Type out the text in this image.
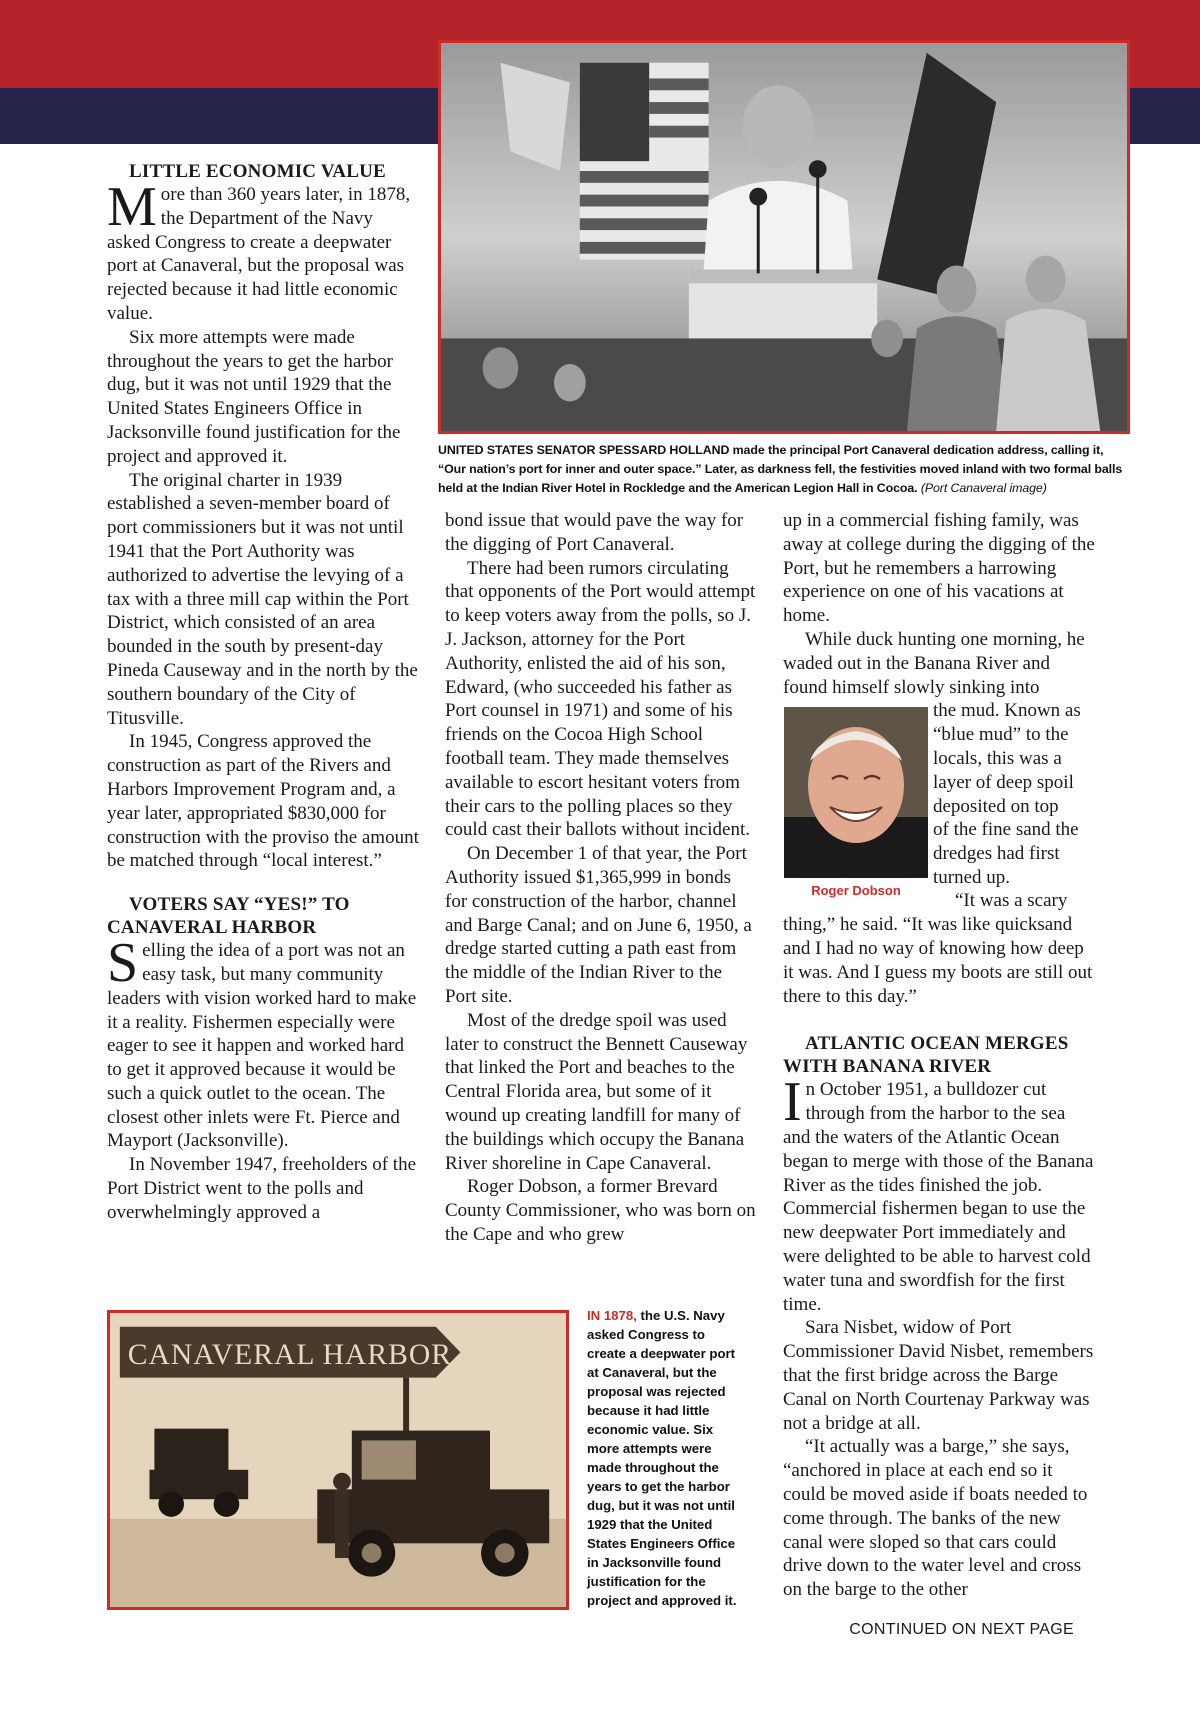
UNITED STATES SENATOR SPESSARD HOLLAND made the principal Port Canaveral dedication address, calling it, “Our nation’s port for inner and outer space.” Later, as darkness fell, the festivities moved inland with two formal balls held at the Indian River Hotel in Rockledge and the American Legion Hall in Cocoa. (Port Canaveral image)

LITTLE ECONOMIC VALUE

More than 360 years later, in 1878, the Department of the Navy asked Congress to create a deepwater port at Canaveral, but the proposal was rejected because it had little economic value.

Six more attempts were made throughout the years to get the harbor dug, but it was not until 1929 that the United States Engineers Office in Jacksonville found justification for the project and approved it.

The original charter in 1939 established a seven-member board of port commissioners but it was not until 1941 that the Port Authority was authorized to advertise the levying of a tax with a three mill cap within the Port District, which consisted of an area bounded in the south by present-day Pineda Causeway and in the north by the southern boundary of the City of Titusville.

In 1945, Congress approved the construction as part of the Rivers and Harbors Improvement Program and, a year later, appropriated $830,000 for construction with the proviso the amount be matched through “local interest.”

VOTERS SAY “YES!” TO
CANAVERAL HARBOR

Selling the idea of a port was not an easy task, but many community leaders with vision worked hard to make it a reality. Fishermen especially were eager to see it happen and worked hard to get it approved because it would be such a quick outlet to the ocean. The closest other inlets were Ft. Pierce and Mayport (Jacksonville).

In November 1947, freeholders of the Port District went to the polls and overwhelmingly approved a

bond issue that would pave the way for the digging of Port Canaveral.

There had been rumors circulating that opponents of the Port would attempt to keep voters away from the polls, so J. J. Jackson, attorney for the Port Authority, enlisted the aid of his son, Edward, (who succeeded his father as Port counsel in 1971) and some of his friends on the Cocoa High School football team. They made themselves available to escort hesitant voters from their cars to the polling places so they could cast their ballots without incident.

On December 1 of that year, the Port Authority issued $1,365,999 in bonds for construction of the harbor, channel and Barge Canal; and on June 6, 1950, a dredge started cutting a path east from the middle of the Indian River to the Port site.

Most of the dredge spoil was used later to construct the Bennett Causeway that linked the Port and beaches to the Central Florida area, but some of it wound up creating landfill for many of the buildings which occupy the Banana River shoreline in Cape Canaveral.

Roger Dobson, a former Brevard County Commissioner, who was born on the Cape and who grew

up in a commercial fishing family, was away at college during the digging of the Port, but he remembers a harrowing experience on one of his vacations at home.

While duck hunting one morning, he waded out in the Banana River and found himself slowly sinking into

the mud. Known as
“blue mud” to the
locals, this was a
layer of deep spoil
deposited on top
of the fine sand the
dredges had first
turned up.
“It was a scary

thing,” he said. “It was like quicksand and I had no way of knowing how deep it was. And I guess my boots are still out there to this day.”

ATLANTIC OCEAN MERGES
WITH BANANA RIVER

In October 1951, a bulldozer cut through from the harbor to the sea and the waters of the Atlantic Ocean began to merge with those of the Banana River as the tides finished the job. Commercial fishermen began to use the new deepwater Port immediately and were delighted to be able to harvest cold water tuna and swordfish for the first time.

Sara Nisbet, widow of Port Commissioner David Nisbet, remembers that the first bridge across the Barge Canal on North Courtenay Parkway was not a bridge at all.

“It actually was a barge,” she says, “anchored in place at each end so it could be moved aside if boats needed to come through. The banks of the new canal were sloped so that cars could drive down to the water level and cross on the barge to the other

Roger Dobson
CANAVERAL HARBOR
IN 1878, the U.S. Navy asked Congress to create a deepwater port at Canaveral, but the proposal was rejected because it had little economic value. Six more attempts were made throughout the years to get the harbor dug, but it was not until 1929 that the United States Engineers Office in Jacksonville found justification for the project and approved it.
CONTINUED ON NEXT PAGE
